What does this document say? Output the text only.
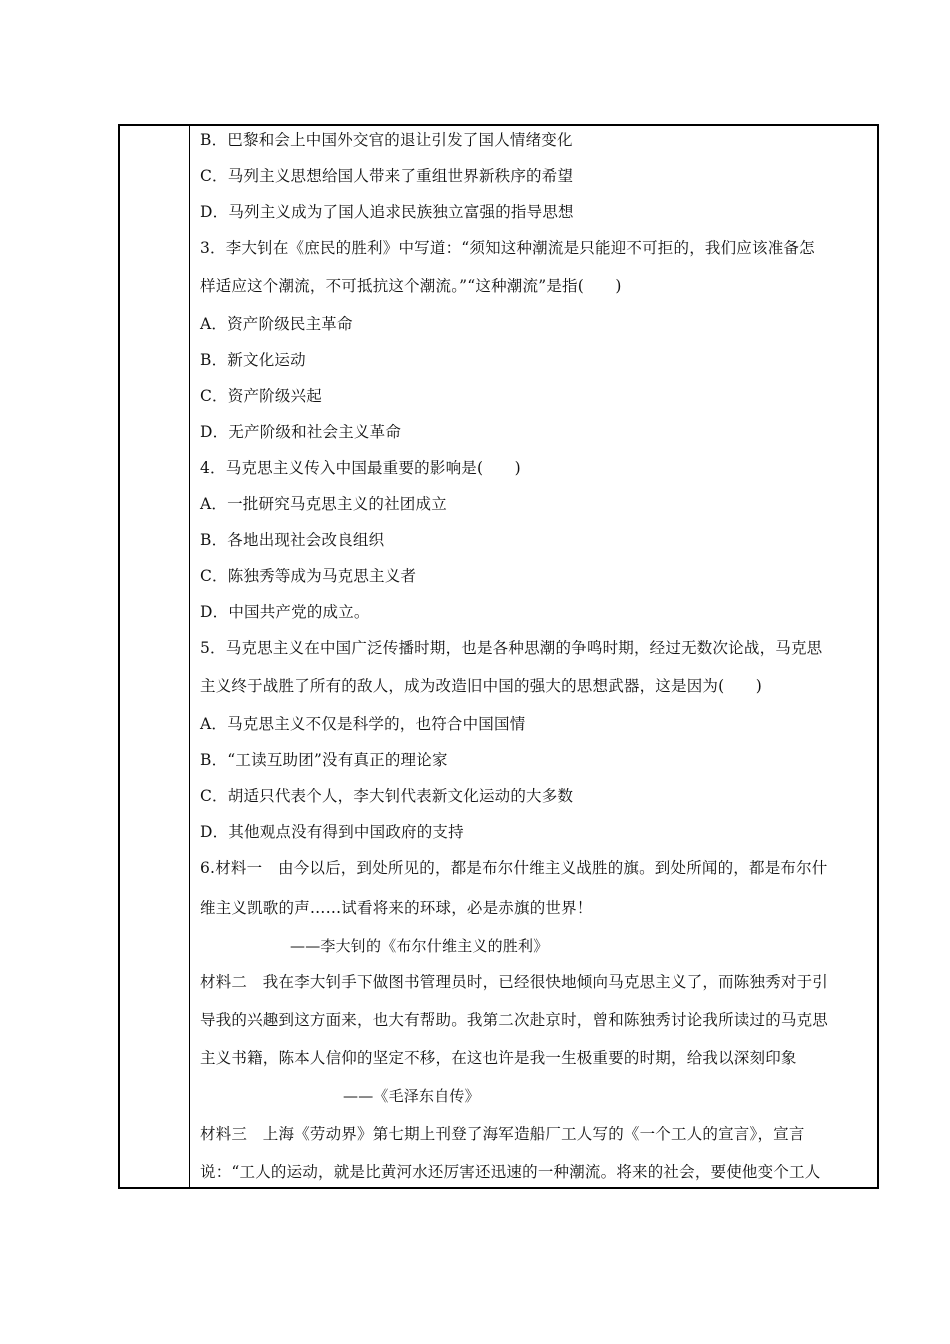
B．巴黎和会上中国外交官的退让引发了国人情绪变化
C．马列主义思想给国人带来了重组世界新秩序的希望
D．马列主义成为了国人追求民族独立富强的指导思想
3．李大钊在《庶民的胜利》中写道：“须知这种潮流是只能迎不可拒的，我们应该准备怎
样适应这个潮流，不可抵抗这个潮流。”“这种潮流”是指(　　)
A．资产阶级民主革命
B．新文化运动
C．资产阶级兴起
D．无产阶级和社会主义革命
4．马克思主义传入中国最重要的影响是(　　)
A．一批研究马克思主义的社团成立
B．各地出现社会改良组织
C．陈独秀等成为马克思主义者
D．中国共产党的成立。
5．马克思主义在中国广泛传播时期，也是各种思潮的争鸣时期，经过无数次论战，马克思
主义终于战胜了所有的敌人，成为改造旧中国的强大的思想武器，这是因为(　　)
A．马克思主义不仅是科学的，也符合中国国情
B．“工读互助团”没有真正的理论家
C．胡适只代表个人，李大钊代表新文化运动的大多数
D．其他观点没有得到中国政府的支持
6.材料一　由今以后，到处所见的，都是布尔什维主义战胜的旗。到处所闻的，都是布尔什
维主义凯歌的声……试看将来的环球，必是赤旗的世界！
——李大钊的《布尔什维主义的胜利》
材料二　我在李大钊手下做图书管理员时，已经很快地倾向马克思主义了，而陈独秀对于引
导我的兴趣到这方面来，也大有帮助。我第二次赴京时，曾和陈独秀讨论我所读过的马克思
主义书籍，陈本人信仰的坚定不移，在这也许是我一生极重要的时期，给我以深刻印象
——《毛泽东自传》
材料三　上海《劳动界》第七期上刊登了海军造船厂工人写的《一个工人的宣言》，宣言
说：“工人的运动，就是比黄河水还厉害还迅速的一种潮流。将来的社会，要使他变个工人
